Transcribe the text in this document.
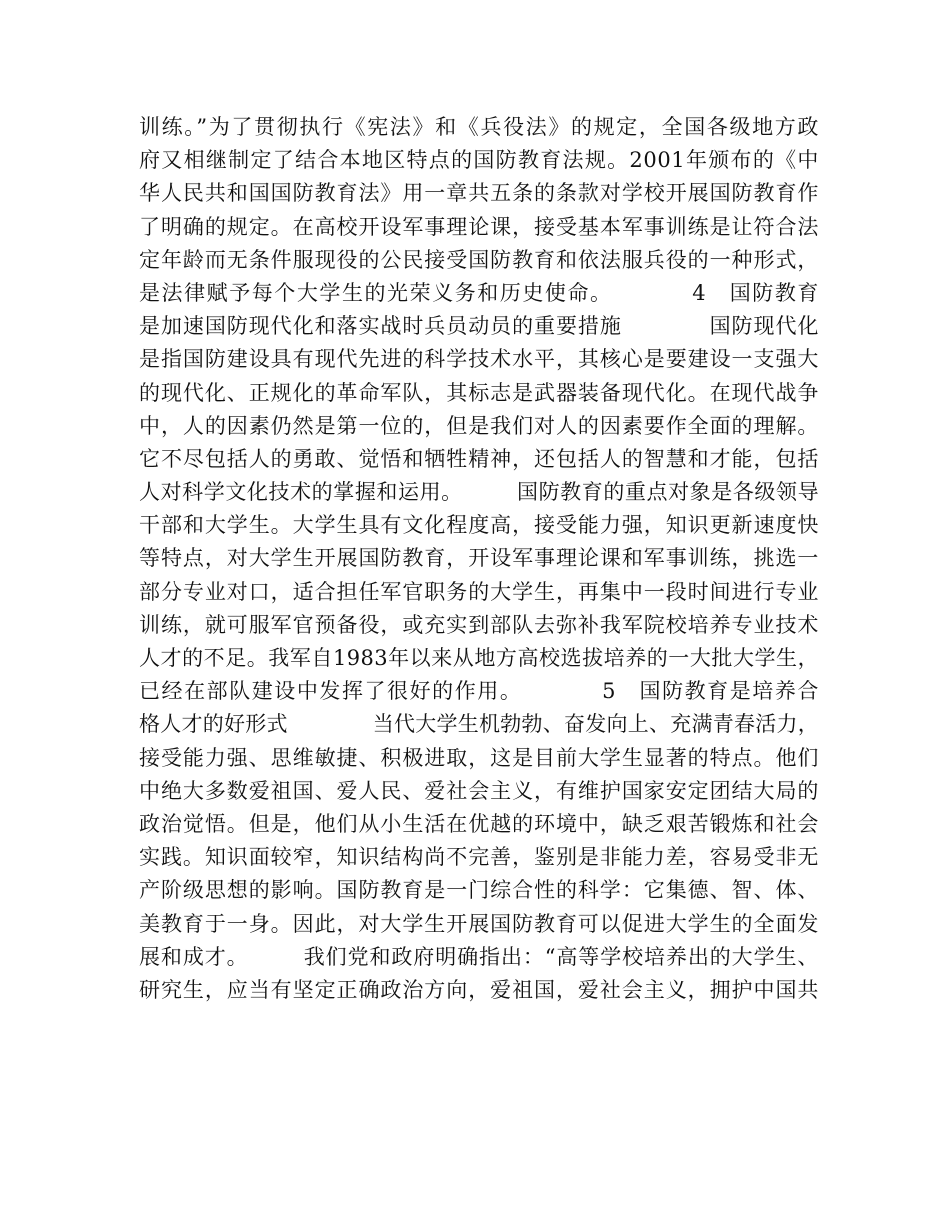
训练。”为了贯彻执行《宪法》和《兵役法》的规定，全国各级地方政
府又相继制定了结合本地区特点的国防教育法规。2001年颁布的《中
华人民共和国国防教育法》用一章共五条的条款对学校开展国防教育作
了明确的规定。在高校开设军事理论课，接受基本军事训练是让符合法
定年龄而无条件服现役的公民接受国防教育和依法服兵役的一种形式，
是法律赋予每个大学生的光荣义务和历史使命。　　　　4　国防教育
是加速国防现代化和落实战时兵员动员的重要措施　　　　国防现代化
是指国防建设具有现代先进的科学技术水平，其核心是要建设一支强大
的现代化、正规化的革命军队，其标志是武器装备现代化。在现代战争
中，人的因素仍然是第一位的，但是我们对人的因素要作全面的理解。
它不尽包括人的勇敢、觉悟和牺牲精神，还包括人的智慧和才能，包括
人对科学文化技术的掌握和运用。　　　国防教育的重点对象是各级领导
干部和大学生。大学生具有文化程度高，接受能力强，知识更新速度快
等特点，对大学生开展国防教育，开设军事理论课和军事训练，挑选一
部分专业对口，适合担任军官职务的大学生，再集中一段时间进行专业
训练，就可服军官预备役，或充实到部队去弥补我军院校培养专业技术
人才的不足。我军自1983年以来从地方高校选拔培养的一大批大学生，
已经在部队建设中发挥了很好的作用。　　　　5　国防教育是培养合
格人才的好形式　　　　当代大学生机勃勃、奋发向上、充满青春活力，
接受能力强、思维敏捷、积极进取，这是目前大学生显著的特点。他们
中绝大多数爱祖国、爱人民、爱社会主义，有维护国家安定团结大局的
政治觉悟。但是，他们从小生活在优越的环境中，缺乏艰苦锻炼和社会
实践。知识面较窄，知识结构尚不完善，鉴别是非能力差，容易受非无
产阶级思想的影响。国防教育是一门综合性的科学：它集德、智、体、
美教育于一身。因此，对大学生开展国防教育可以促进大学生的全面发
展和成才。　　　我们党和政府明确指出：“高等学校培养出的大学生、
研究生，应当有坚定正确政治方向，爱祖国，爱社会主义，拥护中国共
